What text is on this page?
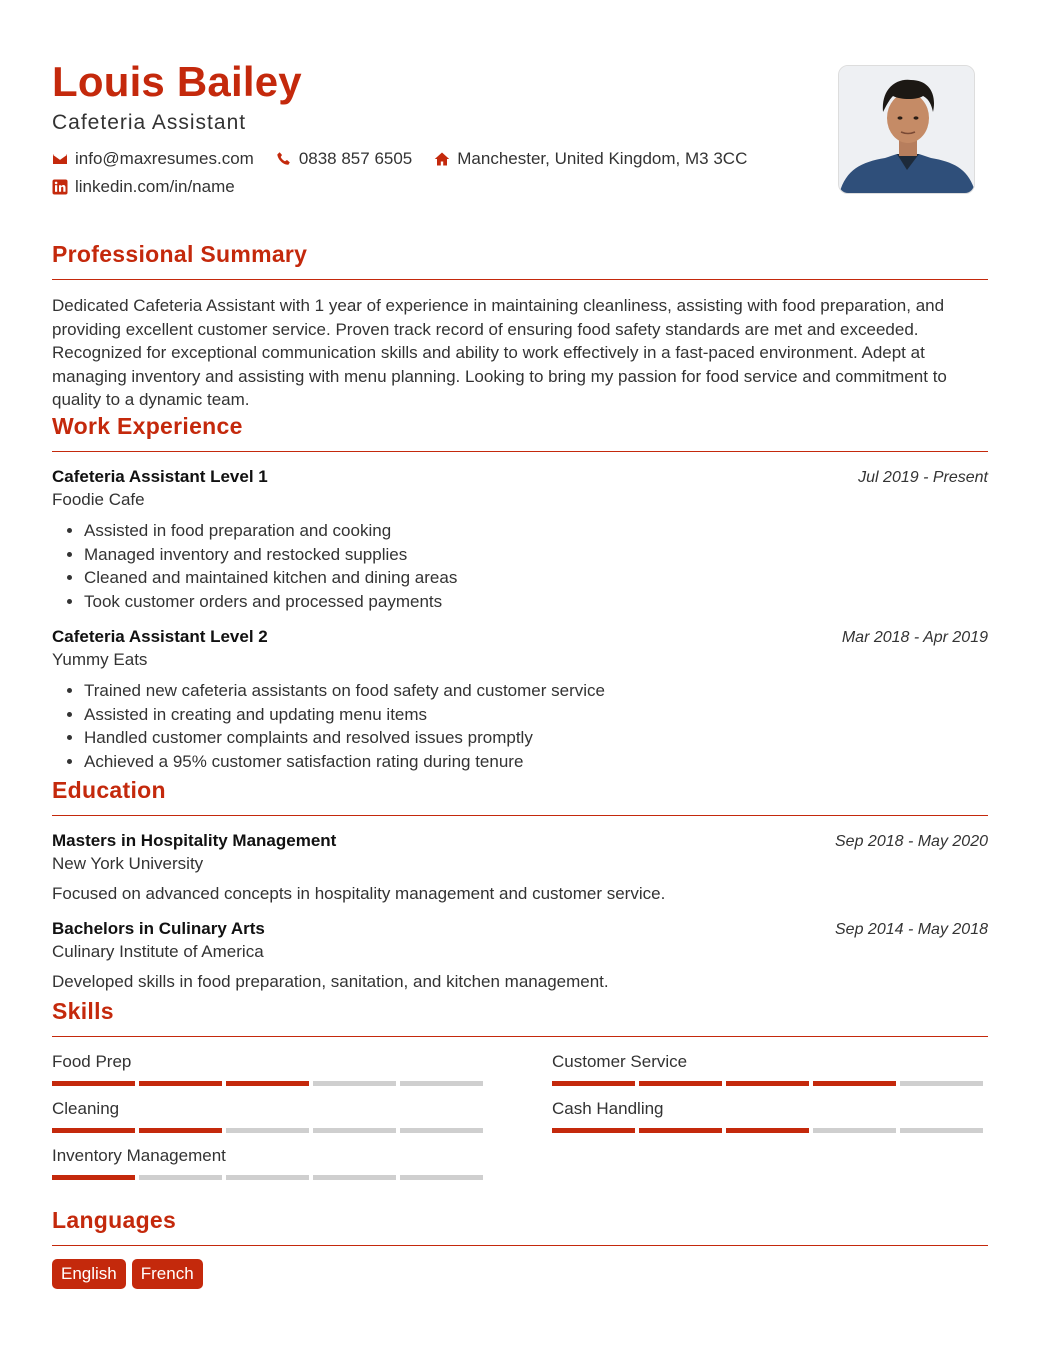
Louis Bailey
Cafeteria Assistant
info@maxresumes.com	0838 857 6505	Manchester, United Kingdom, M3 3CC
linkedin.com/in/name
Professional Summary

Dedicated Cafeteria Assistant with 1 year of experience in maintaining cleanliness, assisting with food preparation, and providing excellent customer service. Proven track record of ensuring food safety standards are met and exceeded. Recognized for exceptional communication skills and ability to work effectively in a fast-paced environment. Adept at managing inventory and assisting with menu planning. Looking to bring my passion for food service and commitment to quality to a dynamic team.

Work Experience
Cafeteria Assistant Level 1	Jul 2019 - Present
Foodie Cafe
• Assisted in food preparation and cooking
• Managed inventory and restocked supplies
• Cleaned and maintained kitchen and dining areas
• Took customer orders and processed payments
Cafeteria Assistant Level 2	Mar 2018 - Apr 2019
Yummy Eats
• Trained new cafeteria assistants on food safety and customer service
• Assisted in creating and updating menu items
• Handled customer complaints and resolved issues promptly
• Achieved a 95% customer satisfaction rating during tenure
Education
Masters in Hospitality Management	Sep 2018 - May 2020
New York University
Focused on advanced concepts in hospitality management and customer service.
Bachelors in Culinary Arts	Sep 2014 - May 2018
Culinary Institute of America
Developed skills in food preparation, sanitation, and kitchen management.
Skills
Food Prep	Customer Service
Cleaning	Cash Handling
Inventory Management
Languages
English	French
